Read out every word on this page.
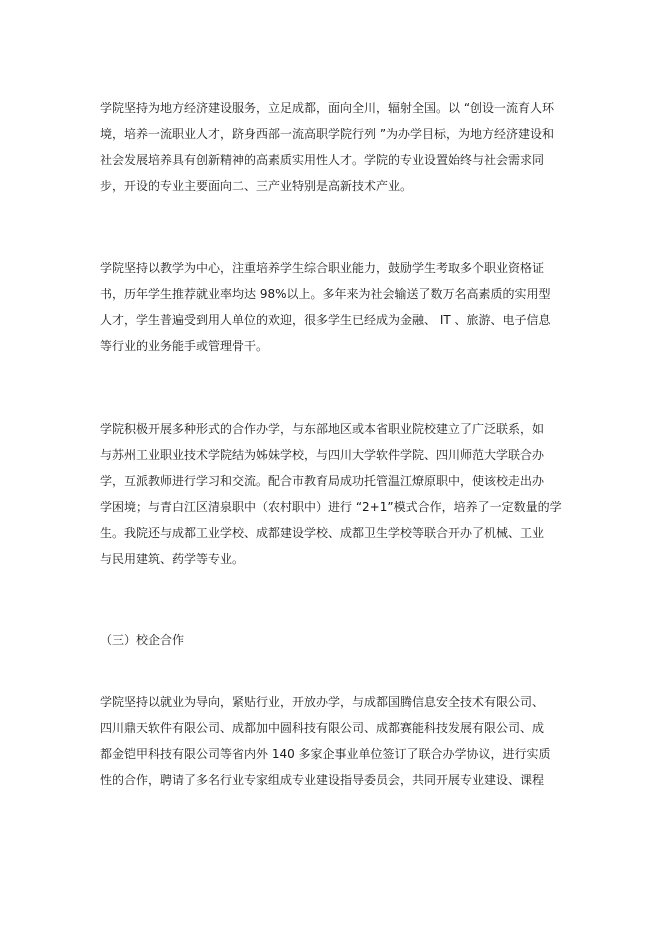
学院坚持为地方经济建设服务，立足成都，面向全川，辐射全国。以 “创设一流育人环
境，培养一流职业人才，跻身西部一流高职学院行列 ”为办学目标，为地方经济建设和
社会发展培养具有创新精神的高素质实用性人才。学院的专业设置始终与社会需求同
步，开设的专业主要面向二、三产业特别是高新技术产业。
学院坚持以教学为中心，注重培养学生综合职业能力，鼓励学生考取多个职业资格证
书，历年学生推荐就业率均达 98%以上。多年来为社会输送了数万名高素质的实用型
人才，学生普遍受到用人单位的欢迎，很多学生已经成为金融、 IT 、旅游、电子信息
等行业的业务能手或管理骨干。
学院积极开展多种形式的合作办学，与东部地区或本省职业院校建立了广泛联系，如
与苏州工业职业技术学院结为姊妹学校，与四川大学软件学院、四川师范大学联合办
学，互派教师进行学习和交流。配合市教育局成功托管温江燎原职中，使该校走出办
学困境；与青白江区清泉职中（农村职中）进行 “2+1”模式合作，培养了一定数量的学
生。我院还与成都工业学校、成都建设学校、成都卫生学校等联合开办了机械、工业
与民用建筑、药学等专业。
（三）校企合作
学院坚持以就业为导向，紧贴行业，开放办学，与成都国腾信息安全技术有限公司、
四川鼎天软件有限公司、成都加中圆科技有限公司、成都赛能科技发展有限公司、成
都金铠甲科技有限公司等省内外 140 多家企事业单位签订了联合办学协议，进行实质
性的合作，聘请了多名行业专家组成专业建设指导委员会，共同开展专业建设、课程
